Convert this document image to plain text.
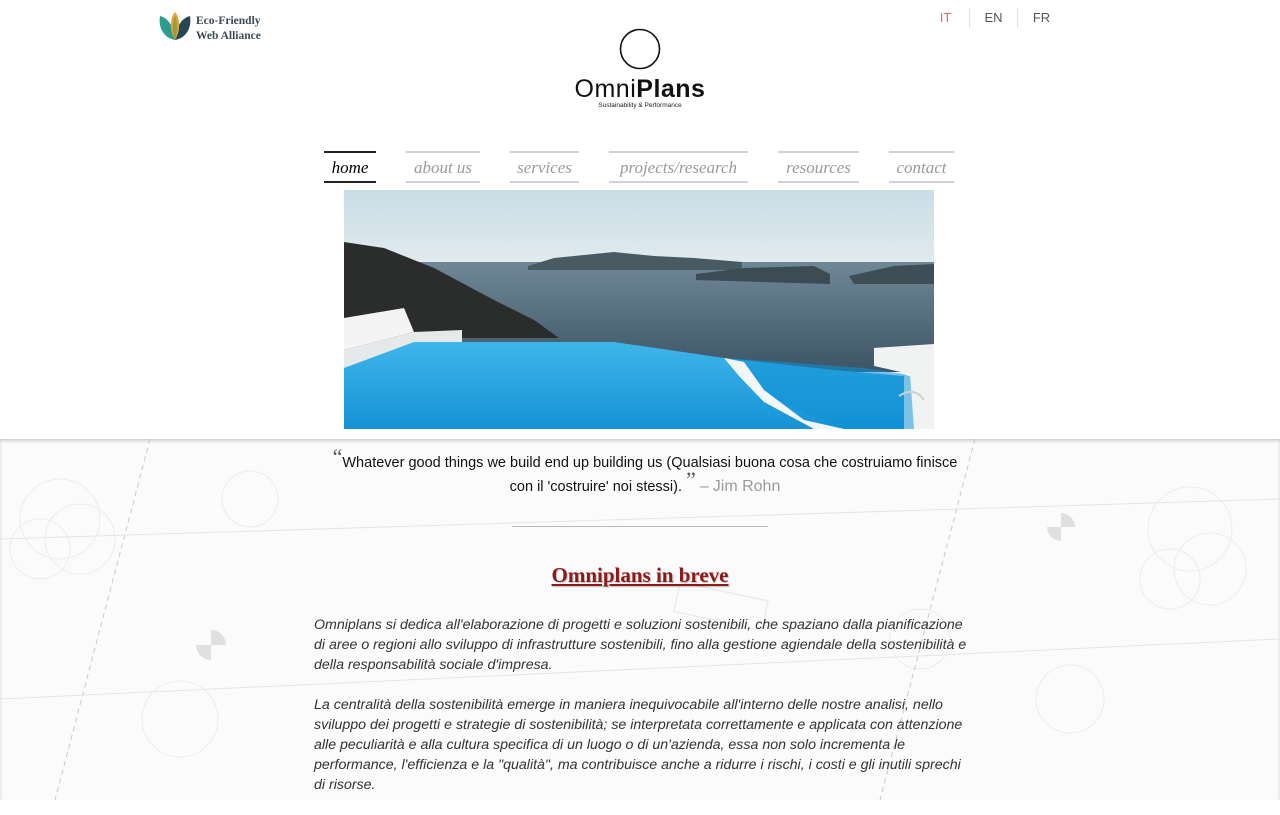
Eco-Friendly
Web Alliance
IT	EN	FR
OmniPlans
Sustainability & Performance
home	about us	services	projects/research	resources	contact
“Whatever good things we build end up building us (Qualsiasi buona cosa che costruiamo finisce con il 'costruire' noi stessi). ” – Jim Rohn
Omniplans in breve

Omniplans si dedica all'elaborazione di progetti e soluzioni sostenibili, che spaziano dalla pianificazione di aree o regioni allo sviluppo di infrastrutture sostenibili, fino alla gestione agiendale della sostenibilità e della responsabilità sociale d'impresa.

La centralità della sostenibilità emerge in maniera inequivocabile all'interno delle nostre analisi, nello sviluppo dei progetti e strategie di sostenibilità; se interpretata correttamente e applicata con attenzione alle peculiarità e alla cultura specifica di un luogo o di un'azienda, essa non solo incrementa le performance, l'efficienza e la "qualità", ma contribuisce anche a ridurre i rischi, i costi e gli inutili sprechi di risorse.
